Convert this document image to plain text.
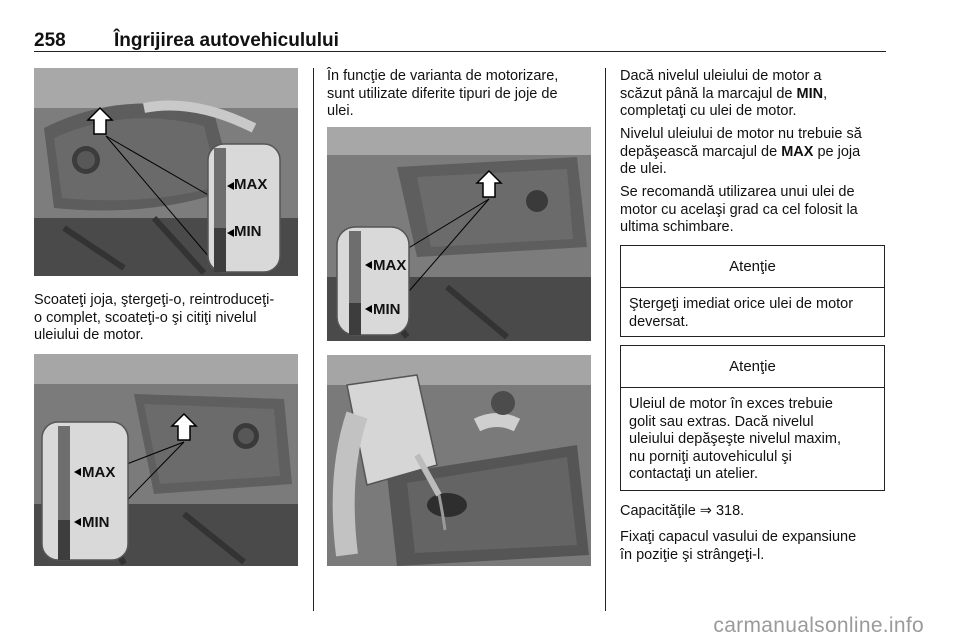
258	Îngrijirea autovehiculului
MAX
MIN

Scoateţi joja, ştergeţi-o, reintroduceţi-

o complet, scoateţi-o şi citiţi nivelul

uleiului de motor.

MAX
MIN

În funcţie de varianta de motorizare,

sunt utilizate diferite tipuri de joje de

ulei.

MAX
MIN

Dacă nivelul uleiului de motor a

scăzut până la marcajul de MIN,

completaţi cu ulei de motor.

Nivelul uleiului de motor nu trebuie să

depăşească marcajul de MAX pe joja

de ulei.

Se recomandă utilizarea unui ulei de

motor cu acelaşi grad ca cel folosit la

ultima schimbare.

Atenţie
Ştergeţi imediat orice ulei de motor
deversat.
Atenţie
Uleiul de motor în exces trebuie
golit sau extras. Dacă nivelul
uleiului depăşeşte nivelul maxim,
nu porniţi autovehiculul şi
contactaţi un atelier.

Capacităţile ⇒ 318.

Fixaţi capacul vasului de expansiune

în poziţie şi strângeţi-l.

carmanualsonline.info
